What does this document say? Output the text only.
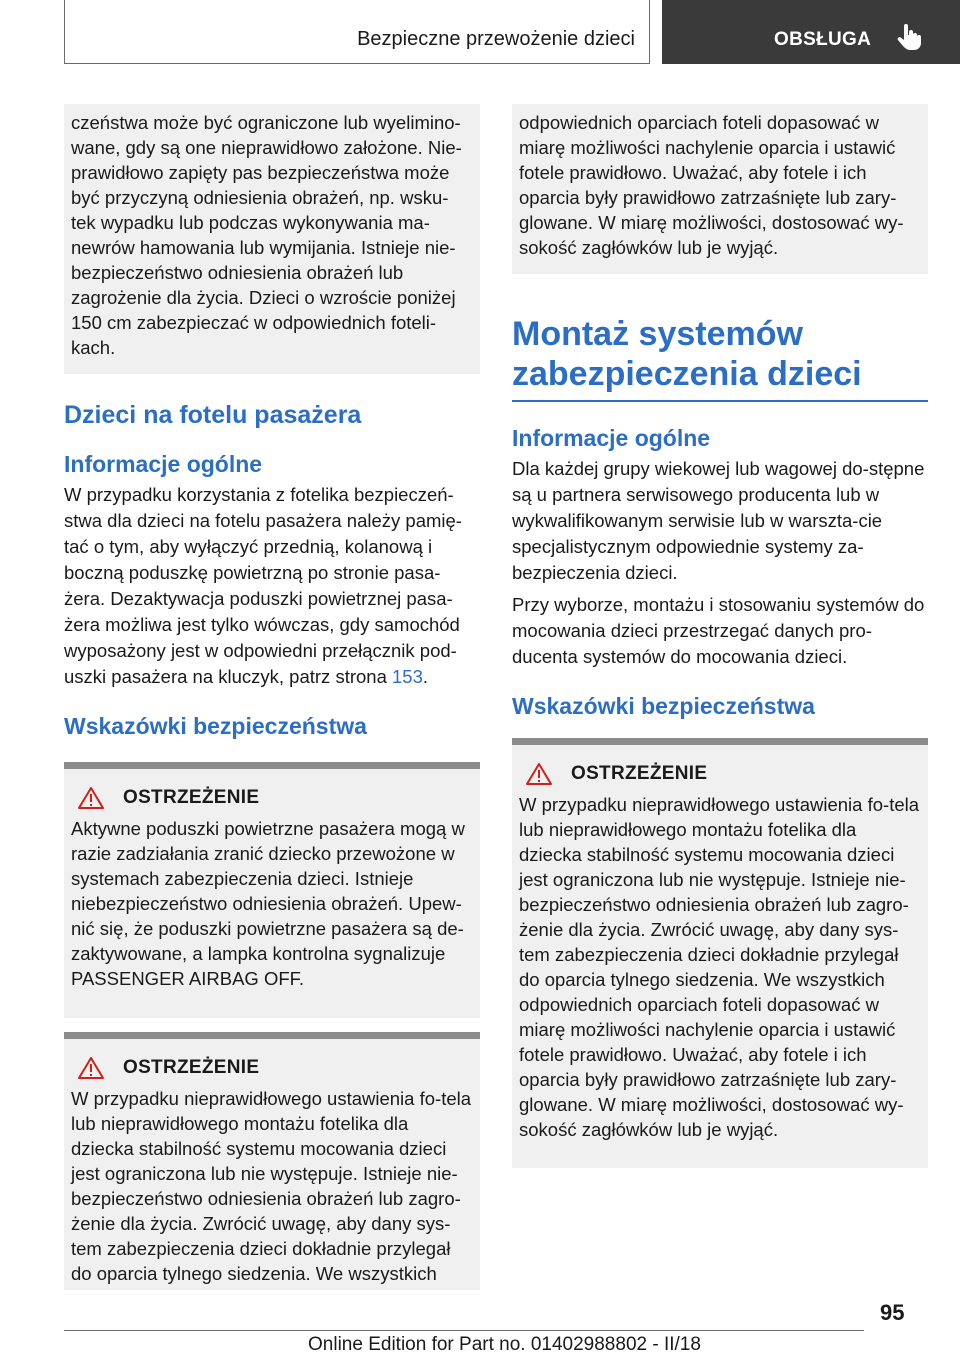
Bezpieczne przewożenie dzieci	OBSŁUGA
czeństwa może być ograniczone lub wyelimino-wane, gdy są one nieprawidłowo założone. Nie-prawidłowo zapięty pas bezpieczeństwa może być przyczyną odniesienia obrażeń, np. wsku-tek wypadku lub podczas wykonywania ma-newrów hamowania lub wymijania. Istnieje nie-bezpieczeństwo odniesienia obrażeń lub zagrożenie dla życia. Dzieci o wzroście poniżej 150 cm zabezpieczać w odpowiednich foteli-kach.
Dzieci na fotelu pasażera
Informacje ogólne

W przypadku korzystania z fotelika bezpieczeń-stwa dla dzieci na fotelu pasażera należy pamię-tać o tym, aby wyłączyć przednią, kolanową i boczną poduszkę powietrzną po stronie pasa-żera. Dezaktywacja poduszki powietrznej pasa-żera możliwa jest tylko wówczas, gdy samochód wyposażony jest w odpowiedni przełącznik pod-uszki pasażera na kluczyk, patrz strona 153.

Wskazówki bezpieczeństwa
OSTRZEŻENIE
Aktywne poduszki powietrzne pasażera mogą w razie zadziałania zranić dziecko przewożone w systemach zabezpieczenia dzieci. Istnieje niebezpieczeństwo odniesienia obrażeń. Upew-nić się, że poduszki powietrzne pasażera są de-zaktywowane, a lampka kontrolna sygnalizuje PASSENGER AIRBAG OFF.
OSTRZEŻENIE
W przypadku nieprawidłowego ustawienia fo-tela lub nieprawidłowego montażu fotelika dla dziecka stabilność systemu mocowania dzieci jest ograniczona lub nie występuje. Istnieje nie-bezpieczeństwo odniesienia obrażeń lub zagro-żenie dla życia. Zwrócić uwagę, aby dany sys-tem zabezpieczenia dzieci dokładnie przylegał do oparcia tylnego siedzenia. We wszystkich
odpowiednich oparciach foteli dopasować w miarę możliwości nachylenie oparcia i ustawić fotele prawidłowo. Uważać, aby fotele i ich oparcia były prawidłowo zatrzaśnięte lub zary-glowane. W miarę możliwości, dostosować wy-sokość zagłówków lub je wyjąć.
Montaż systemów zabezpieczenia dzieci
Informacje ogólne

Dla każdej grupy wiekowej lub wagowej do-stępne są u partnera serwisowego producenta lub w wykwalifikowanym serwisie lub w warszta-cie specjalistycznym odpowiednie systemy za-bezpieczenia dzieci.

Przy wyborze, montażu i stosowaniu systemów do mocowania dzieci przestrzegać danych pro-ducenta systemów do mocowania dzieci.

Wskazówki bezpieczeństwa
OSTRZEŻENIE
W przypadku nieprawidłowego ustawienia fo-tela lub nieprawidłowego montażu fotelika dla dziecka stabilność systemu mocowania dzieci jest ograniczona lub nie występuje. Istnieje nie-bezpieczeństwo odniesienia obrażeń lub zagro-żenie dla życia. Zwrócić uwagę, aby dany sys-tem zabezpieczenia dzieci dokładnie przylegał do oparcia tylnego siedzenia. We wszystkich odpowiednich oparciach foteli dopasować w miarę możliwości nachylenie oparcia i ustawić fotele prawidłowo. Uważać, aby fotele i ich oparcia były prawidłowo zatrzaśnięte lub zary-glowane. W miarę możliwości, dostosować wy-sokość zagłówków lub je wyjąć.
95
Online Edition for Part no. 01402988802 - II/18
